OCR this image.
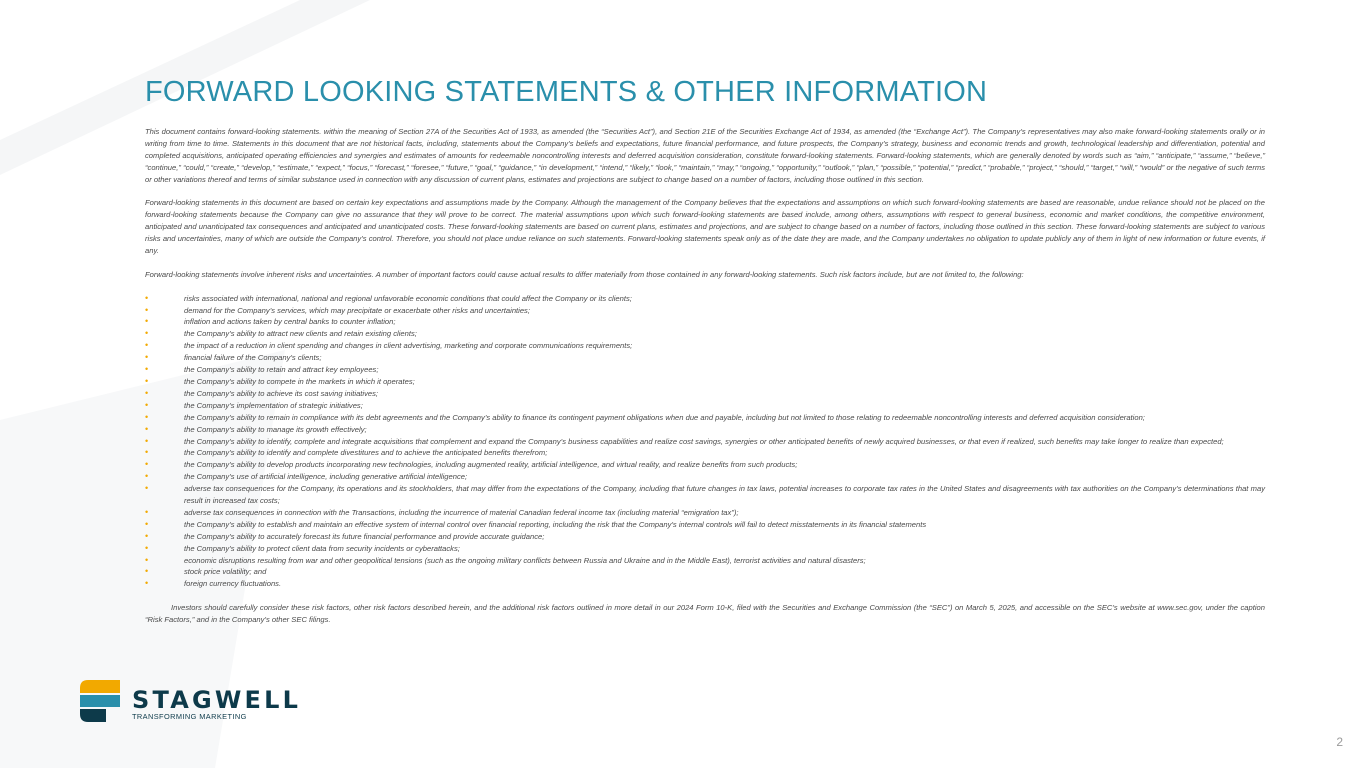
FORWARD LOOKING STATEMENTS & OTHER INFORMATION

This document contains forward-looking statements. within the meaning of Section 27A of the Securities Act of 1933, as amended (the “Securities Act”), and Section 21E of the Securities Exchange Act of 1934, as amended (the “Exchange Act”). The Company’s representatives may also make forward-looking statements orally or in writing from time to time. Statements in this document that are not historical facts, including, statements about the Company’s beliefs and expectations, future financial performance, and future prospects, the Company’s strategy, business and economic trends and growth, technological leadership and differentiation, potential and completed acquisitions, anticipated operating efficiencies and synergies and estimates of amounts for redeemable noncontrolling interests and deferred acquisition consideration, constitute forward-looking statements. Forward-looking statements, which are generally denoted by words such as “aim,” “anticipate,” “assume,” “believe,” “continue,” “could,” “create,” “develop,” “estimate,” “expect,” “focus,” “forecast,” “foresee,” “future,” “goal,” “guidance,” “in development,” “intend,” “likely,” “look,” “maintain,” “may,” “ongoing,” “opportunity,” “outlook,” “plan,” “possible,” “potential,” “predict,” “probable,” “project,” “should,” “target,” “will,” “would” or the negative of such terms or other variations thereof and terms of similar substance used in connection with any discussion of current plans, estimates and projections are subject to change based on a number of factors, including those outlined in this section.

Forward-looking statements in this document are based on certain key expectations and assumptions made by the Company. Although the management of the Company believes that the expectations and assumptions on which such forward-looking statements are based are reasonable, undue reliance should not be placed on the forward-looking statements because the Company can give no assurance that they will prove to be correct. The material assumptions upon which such forward-looking statements are based include, among others, assumptions with respect to general business, economic and market conditions, the competitive environment, anticipated and unanticipated tax consequences and anticipated and unanticipated costs. These forward-looking statements are based on current plans, estimates and projections, and are subject to change based on a number of factors, including those outlined in this section. These forward-looking statements are subject to various risks and uncertainties, many of which are outside the Company’s control. Therefore, you should not place undue reliance on such statements. Forward-looking statements speak only as of the date they are made, and the Company undertakes no obligation to update publicly any of them in light of new information or future events, if any.

Forward-looking statements involve inherent risks and uncertainties. A number of important factors could cause actual results to differ materially from those contained in any forward-looking statements. Such risk factors include, but are not limited to, the following:

•	risks associated with international, national and regional unfavorable economic conditions that could affect the Company or its clients;
•	demand for the Company’s services, which may precipitate or exacerbate other risks and uncertainties;
•	inflation and actions taken by central banks to counter inflation;
•	the Company’s ability to attract new clients and retain existing clients;
•	the impact of a reduction in client spending and changes in client advertising, marketing and corporate communications requirements;
•	financial failure of the Company’s clients;
•	the Company’s ability to retain and attract key employees;
•	the Company’s ability to compete in the markets in which it operates;
•	the Company’s ability to achieve its cost saving initiatives;
•	the Company’s implementation of strategic initiatives;
•	the Company’s ability to remain in compliance with its debt agreements and the Company’s ability to finance its contingent payment obligations when due and payable, including but not limited to those relating to redeemable noncontrolling interests and deferred acquisition consideration;
•	the Company’s ability to manage its growth effectively;
•	the Company’s ability to identify, complete and integrate acquisitions that complement and expand the Company’s business capabilities and realize cost savings, synergies or other anticipated benefits of newly acquired businesses, or that even if realized, such benefits may take longer to realize than expected;
•	the Company’s ability to identify and complete divestitures and to achieve the anticipated benefits therefrom;
•	the Company’s ability to develop products incorporating new technologies, including augmented reality, artificial intelligence, and virtual reality, and realize benefits from such products;
•	the Company’s use of artificial intelligence, including generative artificial intelligence;
•	adverse tax consequences for the Company, its operations and its stockholders, that may differ from the expectations of the Company, including that future changes in tax laws, potential increases to corporate tax rates in the United States and disagreements with tax authorities on the Company’s determinations that may result in increased tax costs;
•	adverse tax consequences in connection with the Transactions, including the incurrence of material Canadian federal income tax (including material “emigration tax”);
•	the Company’s ability to establish and maintain an effective system of internal control over financial reporting, including the risk that the Company’s internal controls will fail to detect misstatements in its financial statements
•	the Company’s ability to accurately forecast its future financial performance and provide accurate guidance;
•	the Company’s ability to protect client data from security incidents or cyberattacks;
•	economic disruptions resulting from war and other geopolitical tensions (such as the ongoing military conflicts between Russia and Ukraine and in the Middle East), terrorist activities and natural disasters;
•	stock price volatility; and
•	foreign currency fluctuations.

Investors should carefully consider these risk factors, other risk factors described herein, and the additional risk factors outlined in more detail in our 2024 Form 10-K, filed with the Securities and Exchange Commission (the “SEC”) on March 5, 2025, and accessible on the SEC’s website at www.sec.gov, under the caption “Risk Factors,” and in the Company’s other SEC filings.

STAGWELL
TRANSFORMING MARKETING
2
